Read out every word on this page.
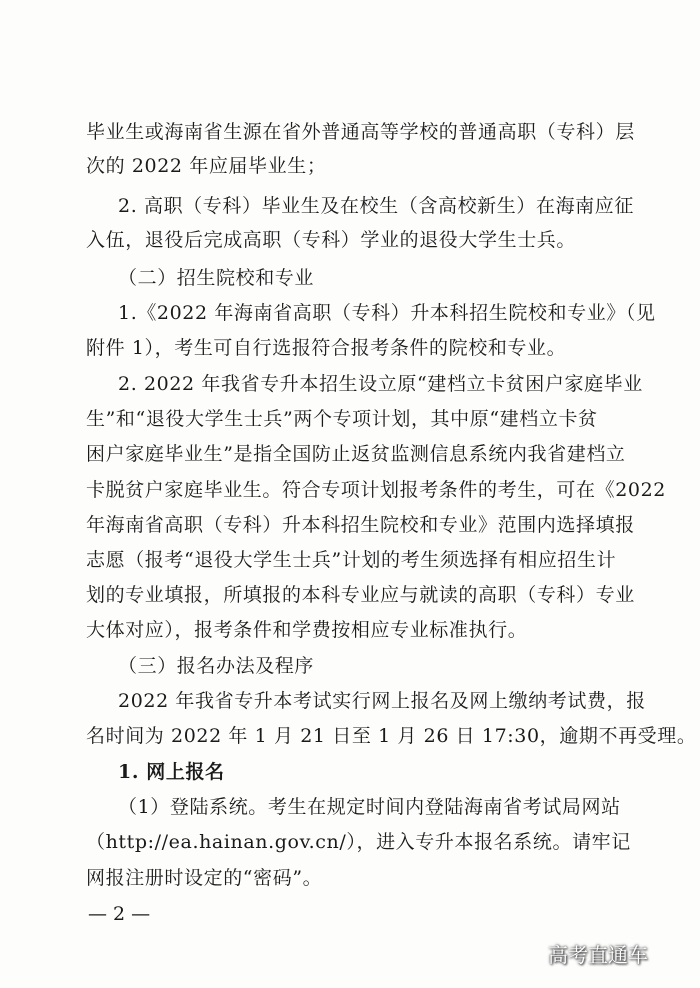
毕业生或海南省生源在省外普通高等学校的普通高职（专科）层
次的 2022 年应届毕业生；
2. 高职（专科）毕业生及在校生（含高校新生）在海南应征
入伍，退役后完成高职（专科）学业的退役大学生士兵。
（二）招生院校和专业
1.《2022 年海南省高职（专科）升本科招生院校和专业》（见
附件 1），考生可自行选报符合报考条件的院校和专业。
2. 2022 年我省专升本招生设立原“建档立卡贫困户家庭毕业
生”和“退役大学生士兵”两个专项计划，其中原“建档立卡贫
困户家庭毕业生”是指全国防止返贫监测信息系统内我省建档立
卡脱贫户家庭毕业生。符合专项计划报考条件的考生，可在《2022
年海南省高职（专科）升本科招生院校和专业》范围内选择填报
志愿（报考“退役大学生士兵”计划的考生须选择有相应招生计
划的专业填报，所填报的本科专业应与就读的高职（专科）专业
大体对应），报考条件和学费按相应专业标准执行。
（三）报名办法及程序
2022 年我省专升本考试实行网上报名及网上缴纳考试费，报
名时间为 2022 年 1 月 21 日至 1 月 26 日 17:30，逾期不再受理。
1. 网上报名
（1）登陆系统。考生在规定时间内登陆海南省考试局网站
（http://ea.hainan.gov.cn/），进入专升本报名系统。请牢记
网报注册时设定的“密码”。
— 2 —
高考直通车
